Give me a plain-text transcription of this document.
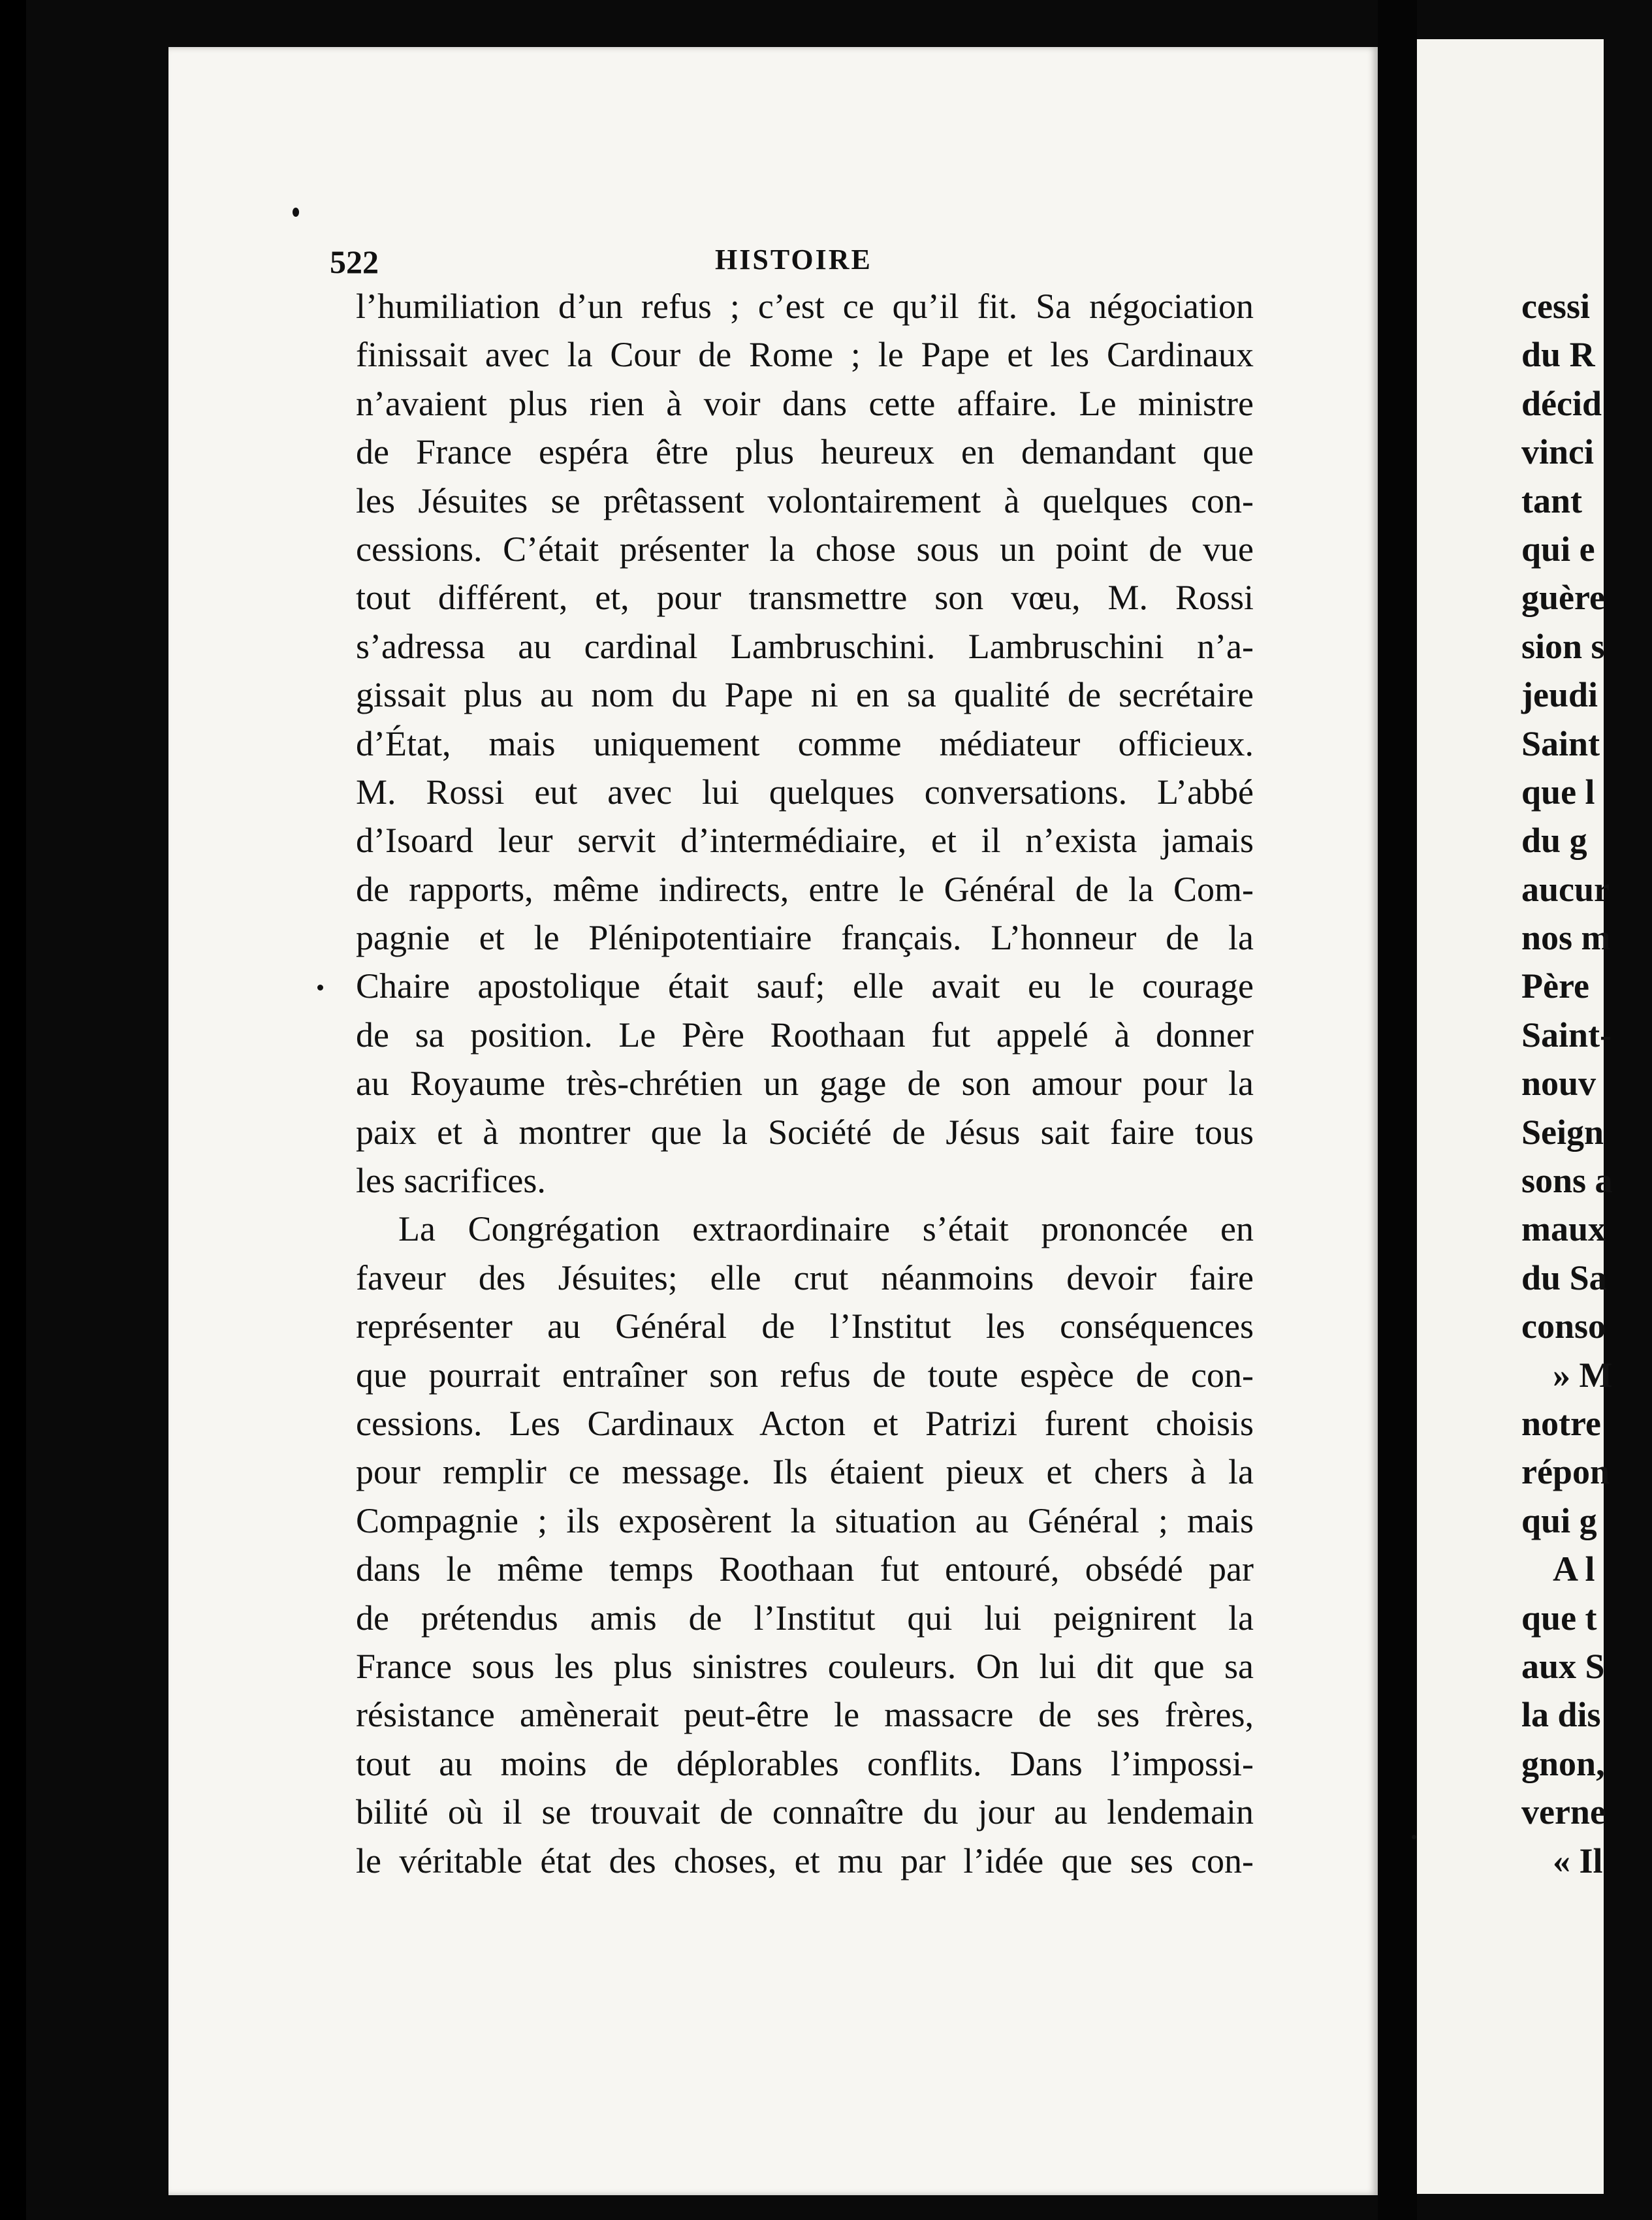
522	HISTOIRE
l’humiliation d’un refus ; c’est ce qu’il fit. Sa négociation
finissait avec la Cour de Rome ; le Pape et les Cardinaux
n’avaient plus rien à voir dans cette affaire. Le ministre
de France espéra être plus heureux en demandant que
les Jésuites se prêtassent volontairement à quelques con-
cessions. C’était présenter la chose sous un point de vue
tout différent, et, pour transmettre son vœu, M. Rossi
s’adressa au cardinal Lambruschini. Lambruschini n’a-
gissait plus au nom du Pape ni en sa qualité de secrétaire
d’État, mais uniquement comme médiateur officieux.
M. Rossi eut avec lui quelques conversations. L’abbé
d’Isoard leur servit d’intermédiaire, et il n’exista jamais
de rapports, même indirects, entre le Général de la Com-
pagnie et le Plénipotentiaire français. L’honneur de la
Chaire apostolique était sauf; elle avait eu le courage
de sa position. Le Père Roothaan fut appelé à donner
au Royaume très-chrétien un gage de son amour pour la
paix et à montrer que la Société de Jésus sait faire tous
les sacrifices.
La Congrégation extraordinaire s’était prononcée en
faveur des Jésuites; elle crut néanmoins devoir faire
représenter au Général de l’Institut les conséquences
que pourrait entraîner son refus de toute espèce de con-
cessions. Les Cardinaux Acton et Patrizi furent choisis
pour remplir ce message. Ils étaient pieux et chers à la
Compagnie ; ils exposèrent la situation au Général ; mais
dans le même temps Roothaan fut entouré, obsédé par
de prétendus amis de l’Institut qui lui peignirent la
France sous les plus sinistres couleurs. On lui dit que sa
résistance amènerait peut-être le massacre de ses frères,
tout au moins de déplorables conflits. Dans l’impossi-
bilité où il se trouvait de connaître du jour au lendemain
le véritable état des choses, et mu par l’idée que ses con-
cessi
du R
décid
vinci
tant
qui e
guère
sion s
jeudi
Saint
que l
du g
aucur
nos m
Père
Saint-
nouv
Seign
sons a
maux
du Sa
conso
» M
notre
répon
qui g
A l
que t
aux S
la dis
gnon,
verne
« Il
